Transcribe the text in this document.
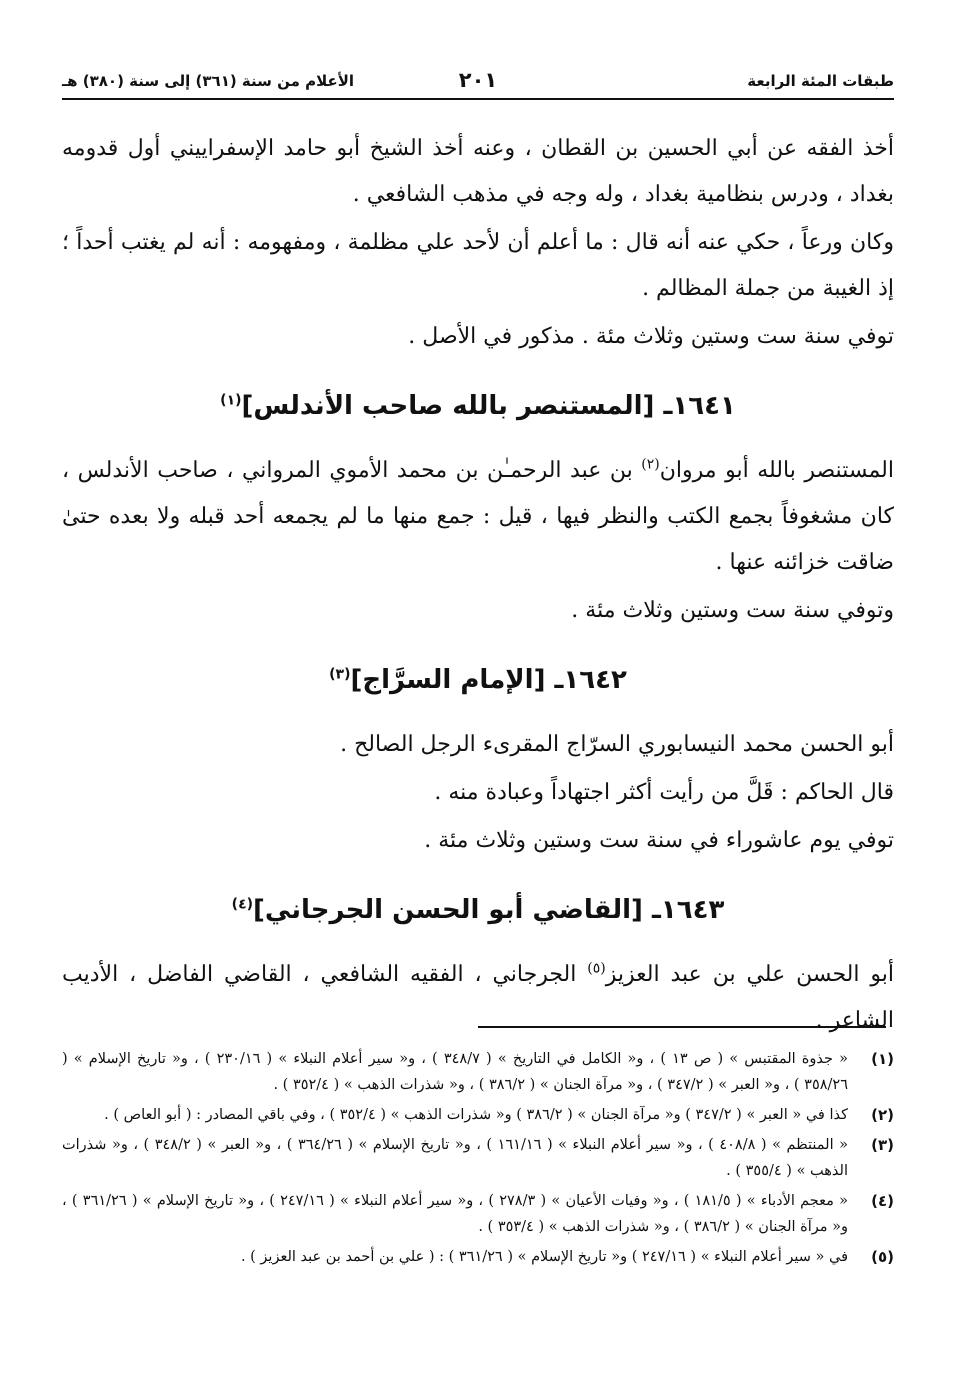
طبقات المئة الرابعة
٢٠١
الأعلام من سنة (٣٦١) إلى سنة (٣٨٠) هـ

أخذ الفقه عن أبي الحسين بن القطان ، وعنه أخذ الشيخ أبو حامد الإسفراييني أول قدومه بغداد ، ودرس بنظامية بغداد ، وله وجه في مذهب الشافعي .

وكان ورعاً ، حكي عنه أنه قال : ما أعلم أن لأحد علي مظلمة ، ومفهومه : أنه لم يغتب أحداً ؛ إذ الغيبة من جملة المظالم .

توفي سنة ست وستين وثلاث مئة . مذكور في الأصل .

١٦٤١ـ [المستنصر بالله صاحب الأندلس]$^{(١)}$

المستنصر بالله أبو مروان$^{(٢)}$ بن عبد الرحمـٰن بن محمد الأموي المرواني ، صاحب الأندلس ، كان مشغوفاً بجمع الكتب والنظر فيها ، قيل : جمع منها ما لم يجمعه أحد قبله ولا بعده حتىٰ ضاقت خزائنه عنها .

وتوفي سنة ست وستين وثلاث مئة .

١٦٤٢ـ [الإمام السرَّاج]$^{(٣)}$

أبو الحسن محمد النيسابوري السرّاج المقرىء الرجل الصالح .

قال الحاكم : قَلَّ من رأيت أكثر اجتهاداً وعبادة منه .

توفي يوم عاشوراء في سنة ست وستين وثلاث مئة .

١٦٤٣ـ [القاضي أبو الحسن الجرجاني]$^{(٤)}$

أبو الحسن علي بن عبد العزيز$^{(٥)}$ الجرجاني ، الفقيه الشافعي ، القاضي الفاضل ، الأديب الشاعر .

(١)
« جذوة المقتبس » ( ص ١٣ ) ، و« الكامل في التاريخ » ( ٣٤٨/٧ ) ، و« سير أعلام النبلاء » ( ٢٣٠/١٦ ) ، و« تاريخ الإسلام » ( ٣٥٨/٢٦ ) ، و« العبر » ( ٣٤٧/٢ ) ، و« مرآة الجنان » ( ٣٨٦/٢ ) ، و« شذرات الذهب » ( ٣٥٢/٤ ) .
(٢)
كذا في « العبر » ( ٣٤٧/٢ ) و« مرآة الجنان » ( ٣٨٦/٢ ) و« شذرات الذهب » ( ٣٥٢/٤ ) ، وفي باقي المصادر : ( أبو العاص ) .
(٣)
« المنتظم » ( ٤٠٨/٨ ) ، و« سير أعلام النبلاء » ( ١٦١/١٦ ) ، و« تاريخ الإسلام » ( ٣٦٤/٢٦ ) ، و« العبر » ( ٣٤٨/٢ ) ، و« شذرات الذهب » ( ٣٥٥/٤ ) .
(٤)
« معجم الأدباء » ( ١٨١/٥ ) ، و« وفيات الأعيان » ( ٢٧٨/٣ ) ، و« سير أعلام النبلاء » ( ٢٤٧/١٦ ) ، و« تاريخ الإسلام » ( ٣٦١/٢٦ ) ، و« مرآة الجنان » ( ٣٨٦/٢ ) ، و« شذرات الذهب » ( ٣٥٣/٤ ) .
(٥)
في « سير أعلام النبلاء » ( ٢٤٧/١٦ ) و« تاريخ الإسلام » ( ٣٦١/٢٦ ) : ( علي بن أحمد بن عبد العزيز ) .
